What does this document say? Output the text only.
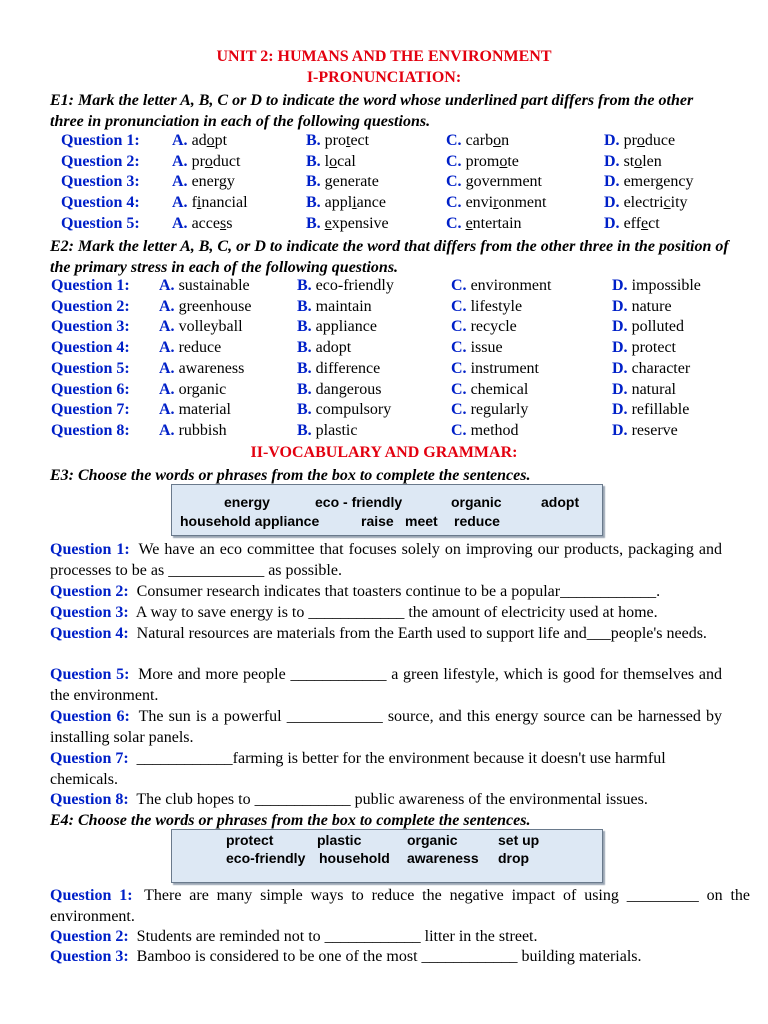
UNIT 2: HUMANS AND THE ENVIRONMENT
I-PRONUNCIATION:
E1: Mark the letter A, B, C or D to indicate the word whose underlined part differs from the other three in pronunciation in each of the following questions.
Question 1: A. adopt	B. protect	C. carbon	D. produce
Question 2: A. product	B. local	C. promote	D. stolen
Question 3: A. energy	B. generate	C. government	D. emergency
Question 4: A. financial	B. appliance	C. environment	D. electricity
Question 5: A. access	B. expensive	C. entertain	D. effect
E2: Mark the letter A, B, C, or D to indicate the word that differs from the other three in the position of the primary stress in each of the following questions.
Question 1: A. sustainable	B. eco-friendly	C. environment	D. impossible
Question 2: A. greenhouse	B. maintain	C. lifestyle	D. nature
Question 3: A. volleyball	B. appliance	C. recycle	D. polluted
Question 4: A. reduce	B. adopt	C. issue	D. protect
Question 5: A. awareness	B. difference	C. instrument	D. character
Question 6: A. organic	B. dangerous	C. chemical	D. natural
Question 7: A. material	B. compulsory	C. regularly	D. refillable
Question 8: A. rubbish	B. plastic	C. method	D. reserve
II-VOCABULARY AND GRAMMAR:
E3: Choose the words or phrases from the box to complete the sentences.
energy	eco - friendly	organic	adopt
household appliance	raise meet reduce
Question 1: We have an eco committee that focuses solely on improving our products, packaging and processes to be as ____________ as possible.
Question 2: Consumer research indicates that toasters continue to be a popular____________.
Question 3: A way to save energy is to ____________ the amount of electricity used at home.
Question 4: Natural resources are materials from the Earth used to support life and___people's needs.
Question 5: More and more people ____________ a green lifestyle, which is good for themselves and the environment.
Question 6: The sun is a powerful ____________ source, and this energy source can be harnessed by installing solar panels.
Question 7: ____________farming is better for the environment because it doesn't use harmful chemicals.
Question 8: The club hopes to ____________ public awareness of the environmental issues.
E4: Choose the words or phrases from the box to complete the sentences.
protect	plastic	organic	set up
eco-friendly household awareness drop
Question 1: There are many simple ways to reduce the negative impact of using _________ on the environment.
Question 2: Students are reminded not to ____________ litter in the street.
Question 3: Bamboo is considered to be one of the most ____________ building materials.
